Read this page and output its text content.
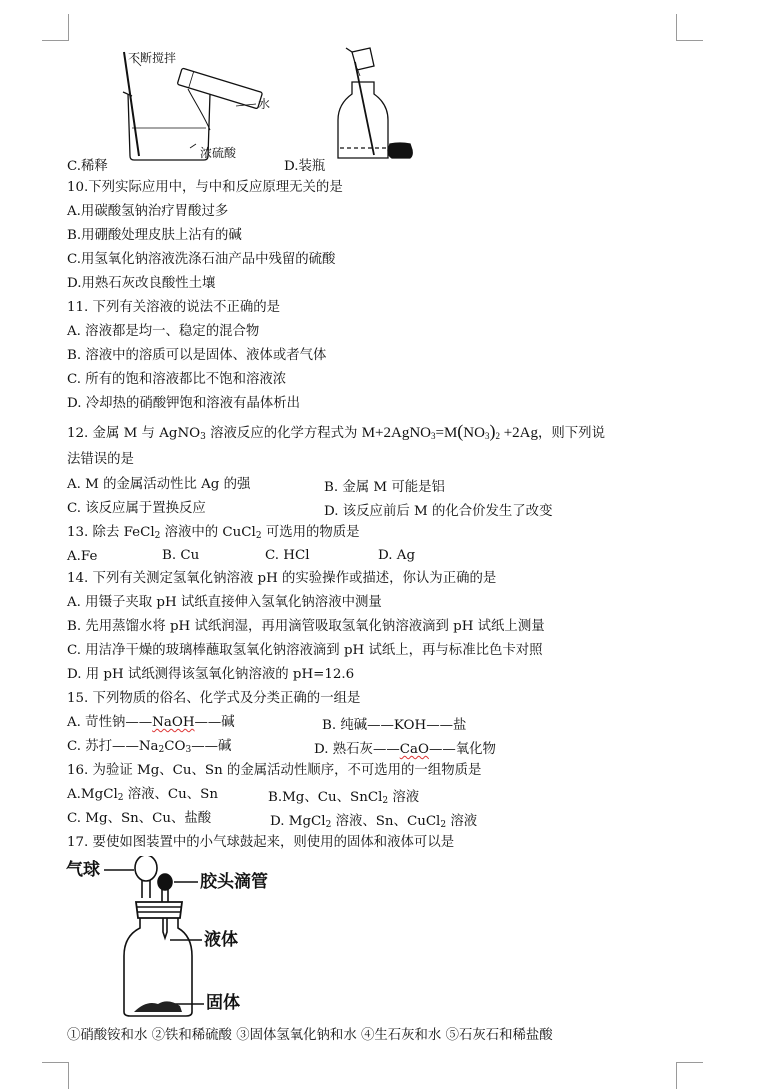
不断搅拌
水
浓硫酸
C.稀释	D.装瓶
10.下列实际应用中，与中和反应原理无关的是
A.用碳酸氢钠治疗胃酸过多
B.用硼酸处理皮肤上沾有的碱
C.用氢氧化钠溶液洗涤石油产品中残留的硫酸
D.用熟石灰改良酸性土壤
11. 下列有关溶液的说法不正确的是
A. 溶液都是均一、稳定的混合物
B. 溶液中的溶质可以是固体、液体或者气体
C. 所有的饱和溶液都比不饱和溶液浓
D. 冷却热的硝酸钾饱和溶液有晶体析出
12. 金属 M 与 AgNO$_3$ 溶液反应的化学方程式为 $M+2AgNO_3=M(NO_3)_2 +2Ag$，则下列说
法错误的是
A. M 的金属活动性比 Ag 的强	B. 金属 M 可能是铝
C. 该反应属于置换反应	D. 该反应前后 M 的化合价发生了改变
13. 除去 FeCl$_2$ 溶液中的 CuCl$_2$ 可选用的物质是
A.Fe	B. Cu	C. HCl	D. Ag
14. 下列有关测定氢氧化钠溶液 pH 的实验操作或描述，你认为正确的是
A. 用镊子夹取 pH 试纸直接伸入氢氧化钠溶液中测量
B. 先用蒸馏水将 pH 试纸润湿，再用滴管吸取氢氧化钠溶液滴到 pH 试纸上测量
C. 用洁净干燥的玻璃棒蘸取氢氧化钠溶液滴到 pH 试纸上，再与标准比色卡对照
D. 用 pH 试纸测得该氢氧化钠溶液的 pH=12.6
15. 下列物质的俗名、化学式及分类正确的一组是
A. 苛性钠——NaOH——碱	B. 纯碱——KOH——盐
C. 苏打$——Na_2CO_3——$碱	D. 熟石灰——CaO——氧化物
16. 为验证 Mg、Cu、Sn 的金属活动性顺序，不可选用的一组物质是
A.MgCl$_2$ 溶液、Cu、Sn	B.Mg、Cu、SnCl$_2$ 溶液
C. Mg、Sn、Cu、盐酸	D. MgCl$_2$ 溶液、Sn、CuCl$_2$ 溶液
17. 要使如图装置中的小气球鼓起来，则使用的固体和液体可以是
气球
胶头滴管
液体
固体
①硝酸铵和水 ②铁和稀硫酸 ③固体氢氧化钠和水 ④生石灰和水 ⑤石灰石和稀盐酸
